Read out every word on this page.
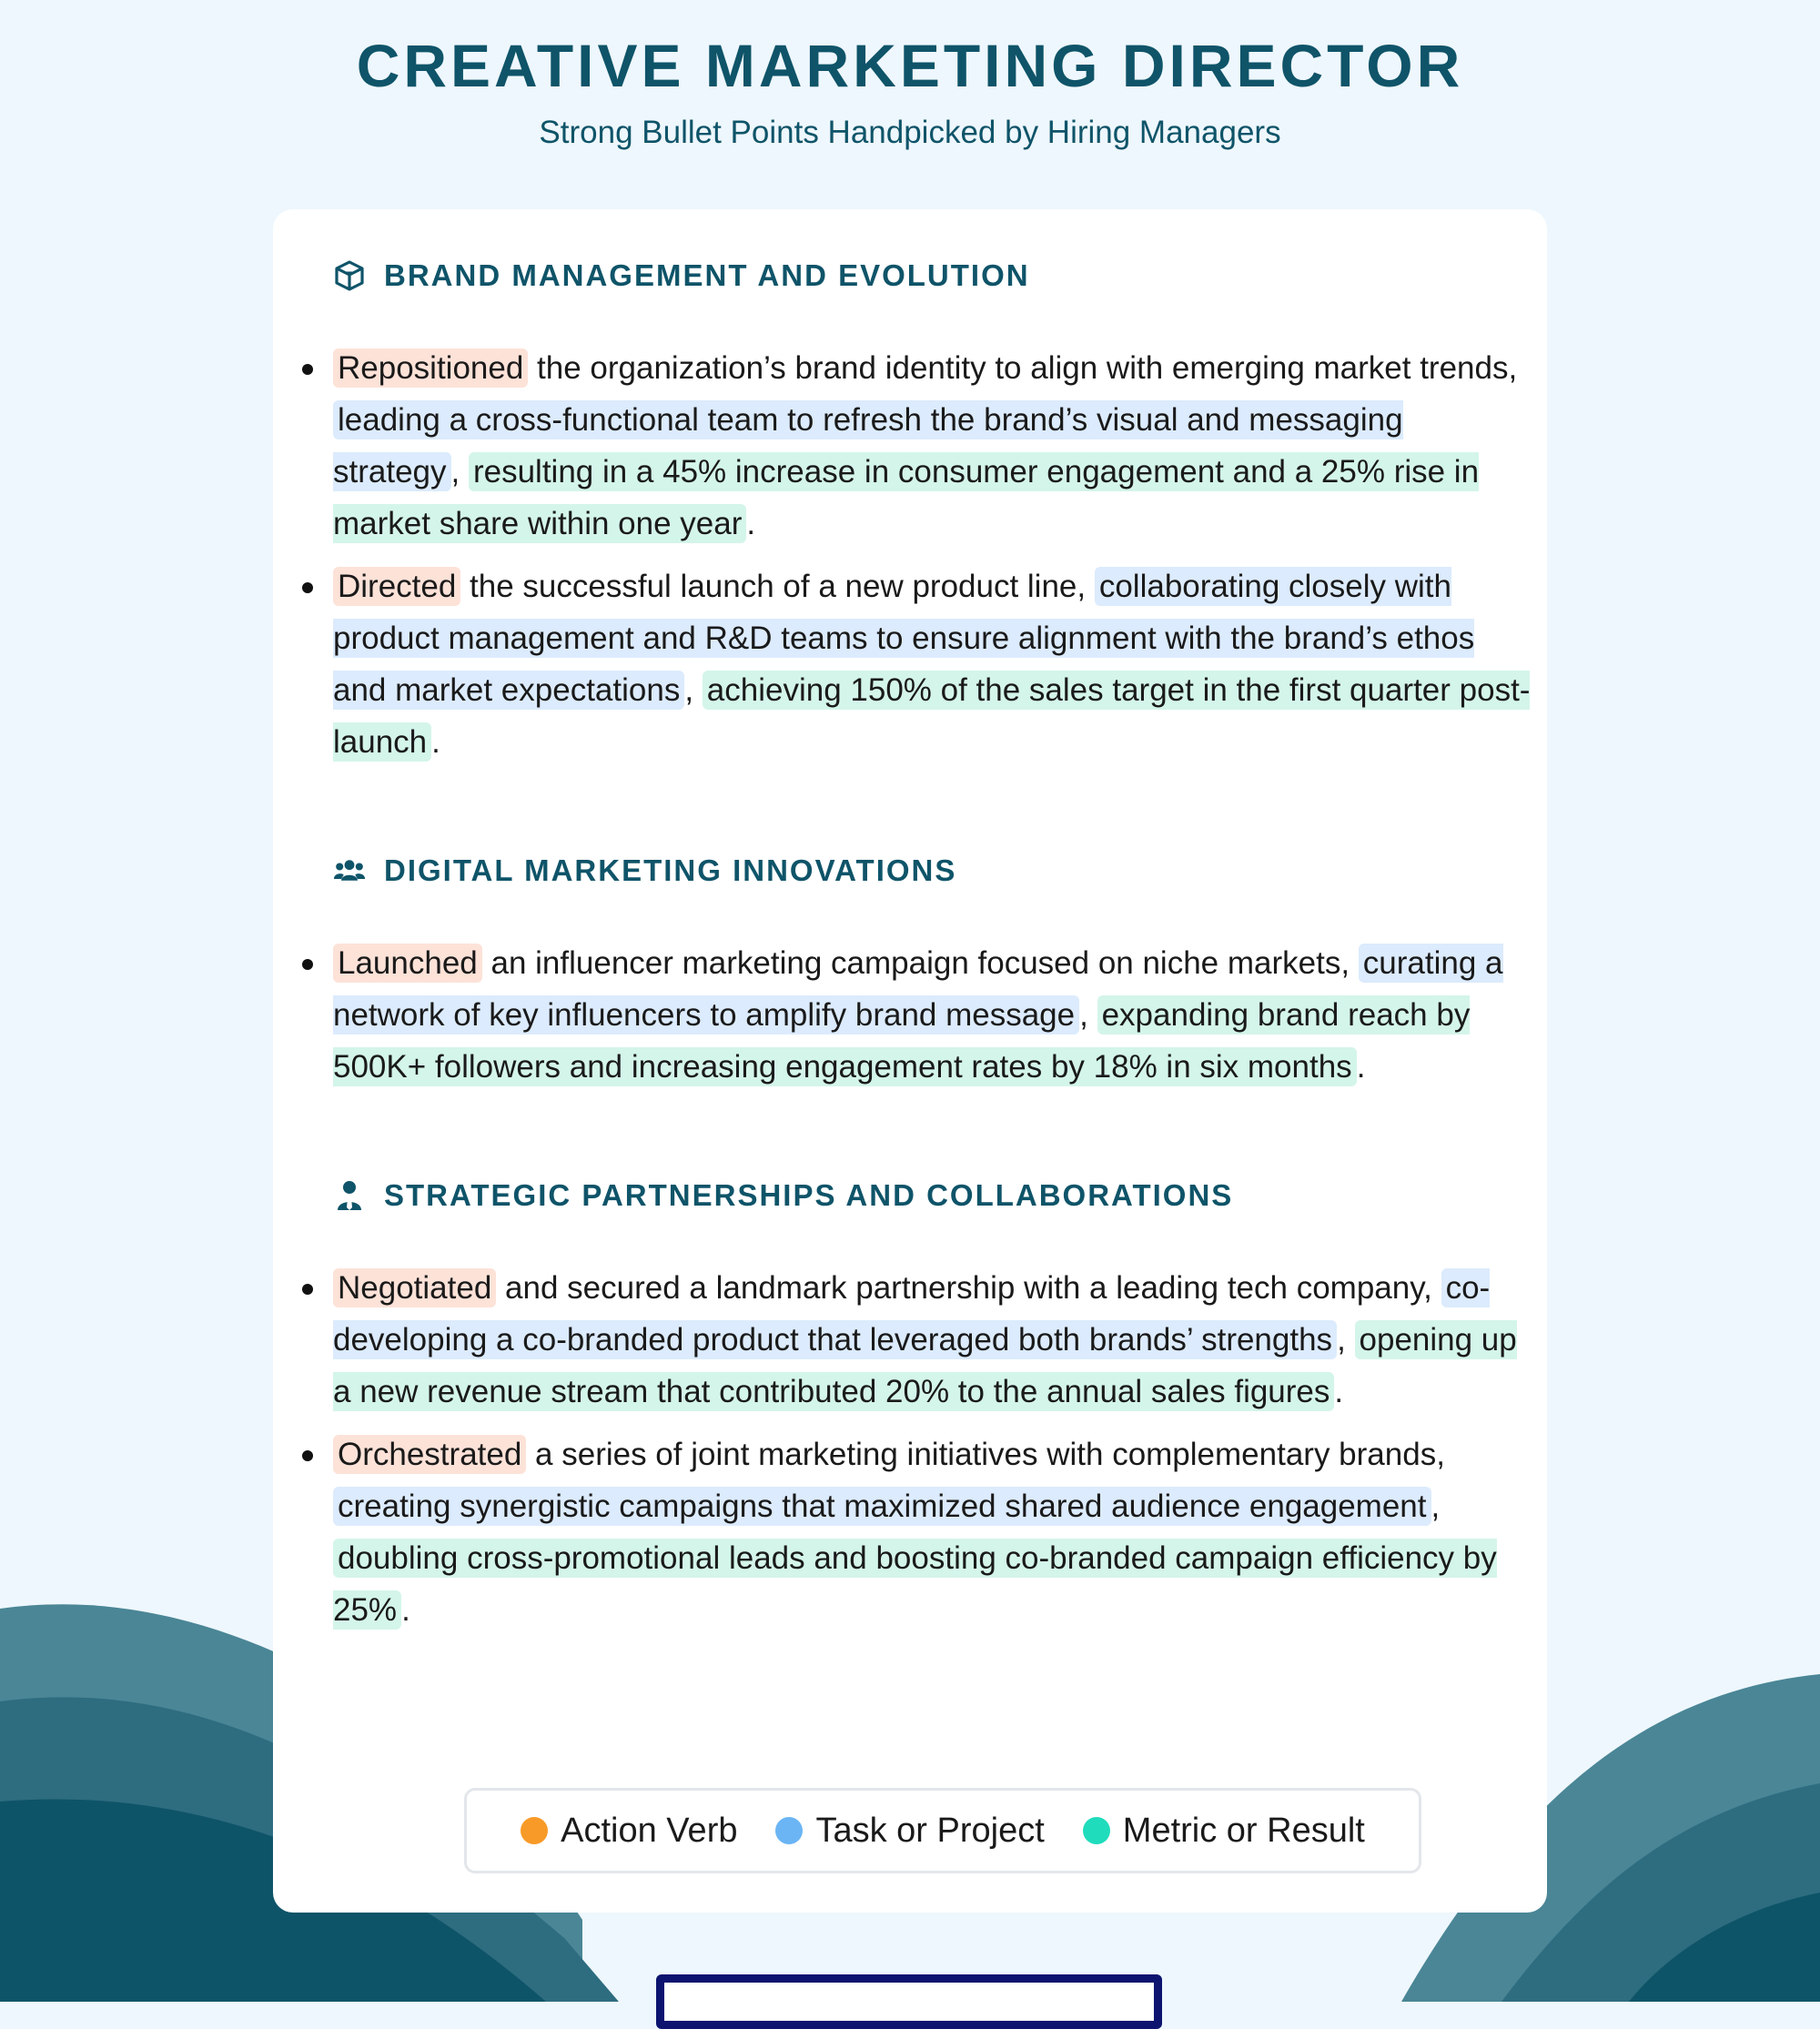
CREATIVE MARKETING DIRECTOR

Strong Bullet Points Handpicked by Hiring Managers

BRAND MANAGEMENT AND EVOLUTION
Repositioned the organization’s brand identity to align with emerging market trends, leading a cross-functional team to refresh the brand’s visual and messaging strategy , resulting in a 45% increase in consumer engagement and a 25% rise in market share within one year .
Directed the successful launch of a new product line, collaborating closely with product management and R&D teams to ensure alignment with the brand’s ethos and market expectations , achieving 150% of the sales target in the first quarter post-launch .
DIGITAL MARKETING INNOVATIONS
Launched an influencer marketing campaign focused on niche markets, curating a network of key influencers to amplify brand message , expanding brand reach by 500K+ followers and increasing engagement rates by 18% in six months .
STRATEGIC PARTNERSHIPS AND COLLABORATIONS
Negotiated and secured a landmark partnership with a leading tech company, co-developing a co-branded product that leveraged both brands’ strengths , opening up a new revenue stream that contributed 20% to the annual sales figures .
Orchestrated a series of joint marketing initiatives with complementary brands, creating synergistic campaigns that maximized shared audience engagement , doubling cross-promotional leads and boosting co-branded campaign efficiency by 25% .
Action Verb Task or Project Metric or Result
